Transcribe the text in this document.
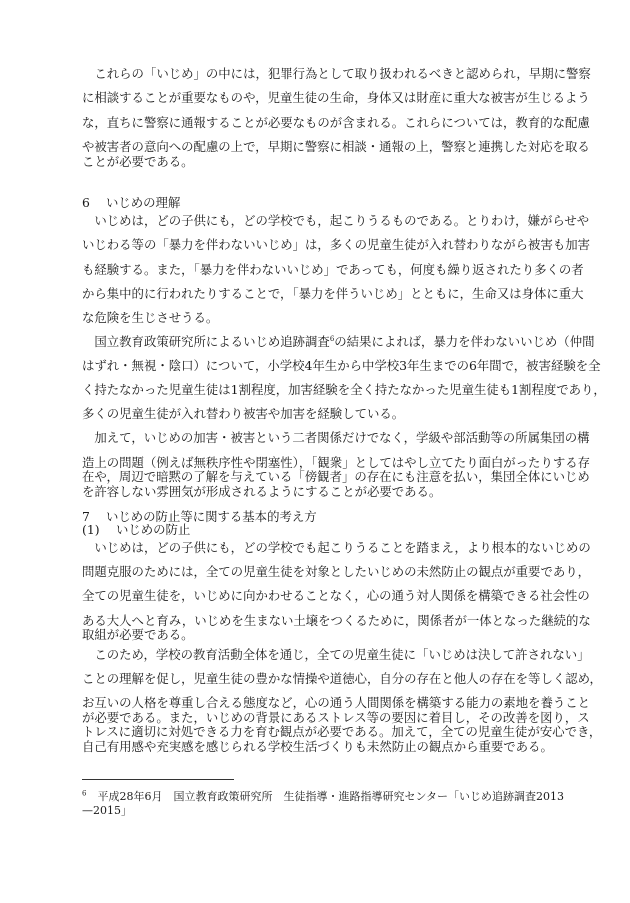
　これらの「いじめ」の中には，犯罪行為として取り扱われるべきと認められ，早期に警察
に相談することが重要なものや，児童生徒の生命，身体又は財産に重大な被害が生じるよう
な，直ちに警察に通報することが必要なものが含まれる。これらについては，教育的な配慮
や被害者の意向への配慮の上で，早期に警察に相談・通報の上，警察と連携した対応を取る
ことが必要である。
6 いじめの理解
　いじめは，どの子供にも，どの学校でも，起こりうるものである。とりわけ，嫌がらせや
いじわる等の「暴力を伴わないいじめ」は，多くの児童生徒が入れ替わりながら被害も加害
も経験する。また，「暴力を伴わないいじめ」であっても，何度も繰り返されたり多くの者
から集中的に行われたりすることで，「暴力を伴ういじめ」とともに，生命又は身体に重大
な危険を生じさせうる。
　国立教育政策研究所によるいじめ追跡調査$^6$の結果によれば，暴力を伴わないいじめ（仲間
はずれ・無視・陰口）について，小学校4年生から中学校3年生までの6年間で，被害経験を全
く持たなかった児童生徒は1割程度，加害経験を全く持たなかった児童生徒も1割程度であり，
多くの児童生徒が入れ替わり被害や加害を経験している。
　加えて，いじめの加害・被害という二者関係だけでなく，学級や部活動等の所属集団の構
造上の問題（例えば無秩序性や閉塞性），「観衆」としてはやし立てたり面白がったりする存
在や，周辺で暗黙の了解を与えている「傍観者」の存在にも注意を払い，集団全体にいじめ
を許容しない雰囲気が形成されるようにすることが必要である。
7 いじめの防止等に関する基本的考え方
(1) いじめの防止
　いじめは，どの子供にも，どの学校でも起こりうることを踏まえ，より根本的ないじめの
問題克服のためには，全ての児童生徒を対象としたいじめの未然防止の観点が重要であり，
全ての児童生徒を，いじめに向かわせることなく，心の通う対人関係を構築できる社会性の
ある大人へと育み，いじめを生まない土壌をつくるために，関係者が一体となった継続的な
取組が必要である。
　このため，学校の教育活動全体を通じ，全ての児童生徒に「いじめは決して許されない」
ことの理解を促し，児童生徒の豊かな情操や道徳心，自分の存在と他人の存在を等しく認め，
お互いの人格を尊重し合える態度など，心の通う人間関係を構築する能力の素地を養うこと
が必要である。また，いじめの背景にあるストレス等の要因に着目し，その改善を図り，ス
トレスに適切に対処できる力を育む観点が必要である。加えて，全ての児童生徒が安心でき，
自己有用感や充実感を感じられる学校生活づくりも未然防止の観点から重要である。
$^6$　 平成28年6月　国立教育政策研究所　生徒指導・進路指導研究センター「いじめ追跡調査2013
—2015」
